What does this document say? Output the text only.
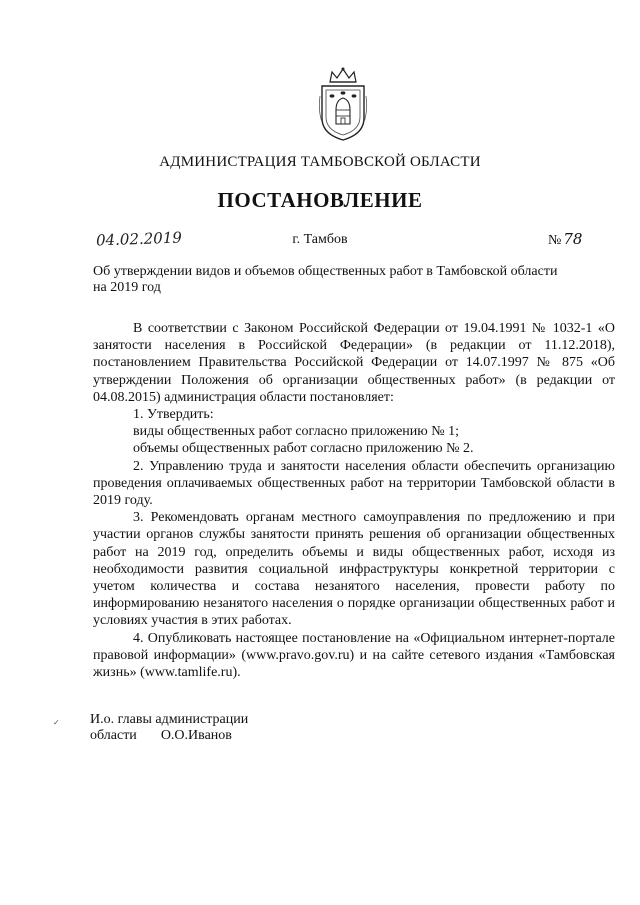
АДМИНИСТРАЦИЯ ТАМБОВСКОЙ ОБЛАСТИ
ПОСТАНОВЛЕНИЕ
04.02.2019	г. Тамбов	№ 78
Об утверждении видов и объемов общественных работ в Тамбовской области
на 2019 год

В соответствии с Законом Российской Федерации от 19.04.1991 № 1032-1 «О занятости населения в Российской Федерации» (в редакции от 11.12.2018), постановлением Правительства Российской Федерации от 14.07.1997 № 875 «Об утверждении Положения об организации общественных работ» (в редакции от 04.08.2015) администрация области постановляет:

1. Утвердить:

виды общественных работ согласно приложению № 1;

объемы общественных работ согласно приложению № 2.

2. Управлению труда и занятости населения области обеспечить организацию проведения оплачиваемых общественных работ на территории Тамбовской области в 2019 году.

3. Рекомендовать органам местного самоуправления по предложению и при участии органов службы занятости принять решения об организации общественных работ на 2019 год, определить объемы и виды общественных работ, исходя из необходимости развития социальной инфраструктуры конкретной территории с учетом количества и состава незанятого населения, провести работу по информированию незанятого населения о порядке организации общественных работ и условиях участия в этих работах.

4. Опубликовать настоящее постановление на «Официальном интернет-портале правовой информации» (www.pravo.gov.ru) и на сайте сетевого издания «Тамбовская жизнь» (www.tamlife.ru).

✓ И.о. главы администрации
области О.О.Иванов
